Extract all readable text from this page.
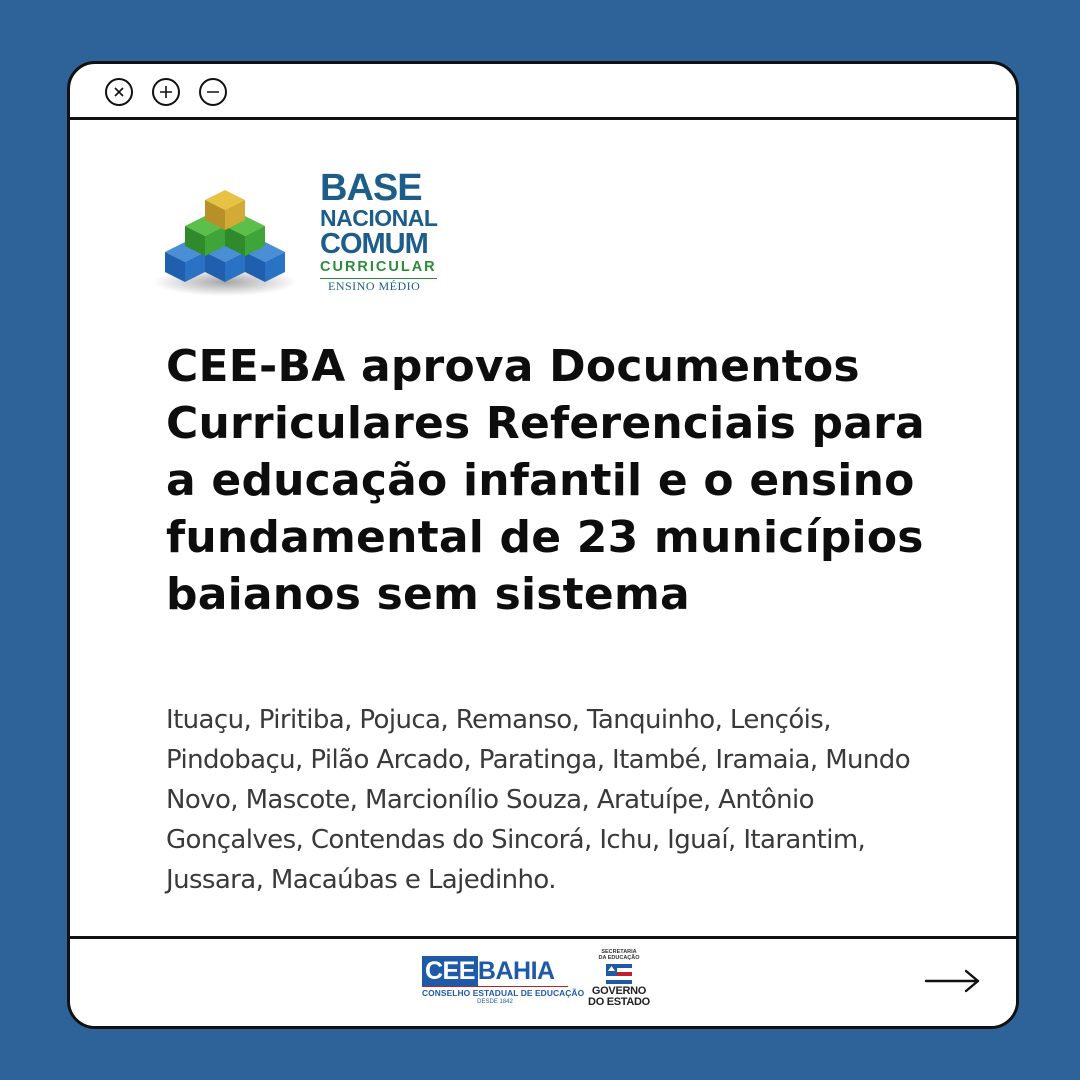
BASE
NACIONAL
COMUM
CURRICULAR
ENSINO MÉDIO
CEE-BA aprova Documentos Curriculares Referenciais para a educação infantil e o ensino fundamental de 23 municípios baianos sem sistema

Ituaçu, Piritiba, Pojuca, Remanso, Tanquinho, Lençóis, Pindobaçu, Pilão Arcado, Paratinga, Itambé, Iramaia, Mundo Novo, Mascote, Marcionílio Souza, Aratuípe, Antônio Gonçalves, Contendas do Sincorá, Ichu, Iguaí, Itarantim, Jussara, Macaúbas e Lajedinho.

CEE BAHIA
CONSELHO ESTADUAL DE EDUCAÇÃO
DESDE 1842
SECRETARIA
DA EDUCAÇÃO
GOVERNO
DO ESTADO
